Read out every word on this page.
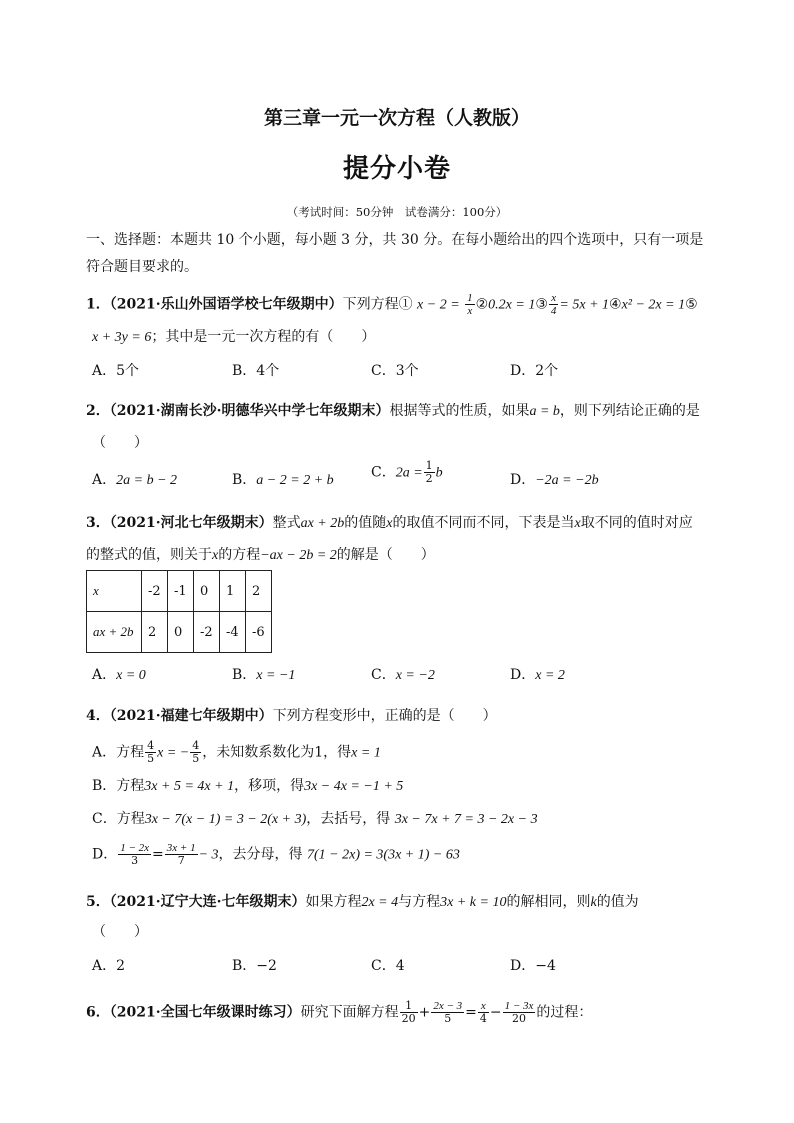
第三章一元一次方程（人教版）
提分小卷
（考试时间：50分钟　试卷满分：100分）
一、选择题：本题共 10 个小题，每小题 3 分，共 30 分。在每小题给出的四个选项中，只有一项是
符合题目要求的。
1．（2021·乐山外国语学校七年级期中）下列方程① $x - 2 = \frac{1}{x}$ ②0.2x = 1③ $\frac{x}{4} = 5x$ + 1④x² − 2x = 1⑤
x + 3y = 6；其中是一元一次方程的有（　　）
A．5个	B．4个	C．3个	D．2个
2．（2021·湖南长沙·明德华兴中学七年级期末）根据等式的性质，如果a = b，则下列结论正确的是
（　　）
A．2a = b − 2	B．a − 2 = 2 + b	C．$2a = \frac{1}{2}$ b	D．−2a = −2b
3．（2021·河北七年级期末）整式ax + 2b的值随x的取值不同而不同，下表是当x取不同的值时对应
的整式的值，则关于x的方程−ax − 2b = 2的解是（　　）
x	-2	-1	0	1	2
ax + 2b	2	0	-2	-4	-6
A．x = 0	B．x = −1	C．x = −2	D．x = 2
4．（2021·福建七年级期中）下列方程变形中，正确的是（　　）
A．方程 $\frac{4}{5}$ x = − $\frac{4}{5}$ ，未知数系数化为1，得x = 1
B．方程3x + 5 = 4x + 1，移项，得3x − 4x = −1 + 5
C．方程3x − 7(x − 1) = 3 − 2(x + 3)，去括号，得 3x − 7x + 7 = 3 − 2x − 3
D． $\frac{1 - 2x}{3} = \frac{3x + 1}{7} - 3$，去分母，得 7(1 − 2x) = 3(3x + 1) − 63
5．（2021·辽宁大连·七年级期末）如果方程2x = 4与方程3x + k = 10的解相同，则k的值为
（　　）
A．2	B．−2	C．4	D．−4
6．（2021·全国七年级课时练习）研究下面解方程 $\frac{1}{20} + \frac{2x - 3}{5} = \frac{x}{4} - \frac{1 - 3x}{20}$ 的过程：
